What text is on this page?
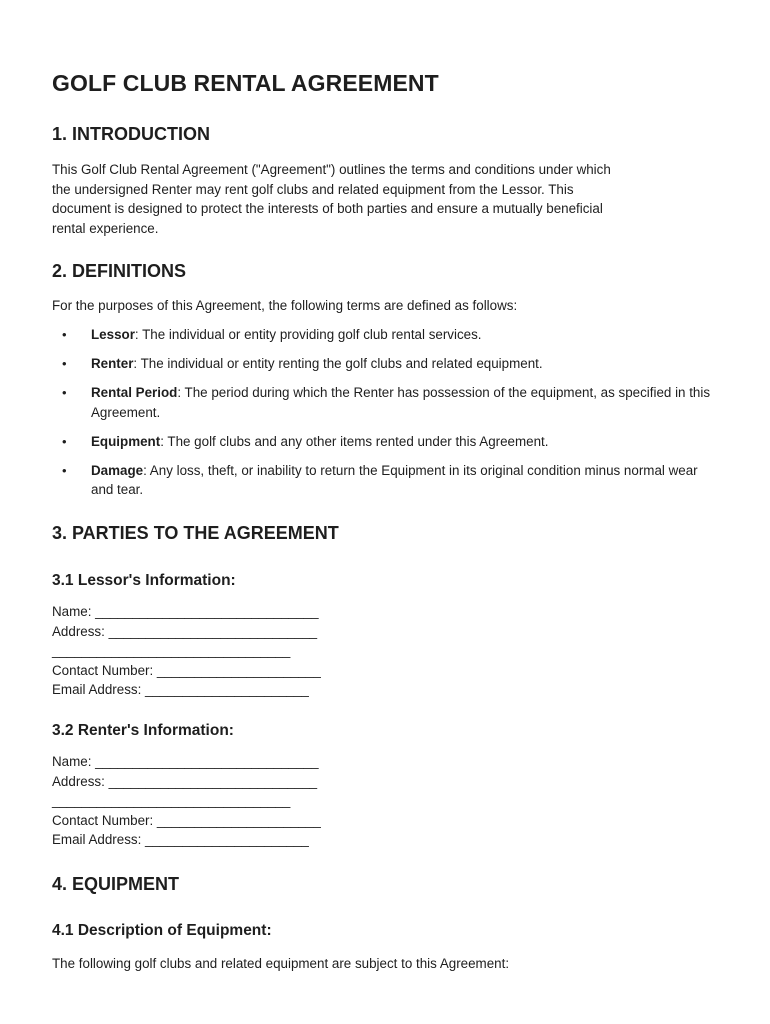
GOLF CLUB RENTAL AGREEMENT
1. INTRODUCTION
This Golf Club Rental Agreement ("Agreement") outlines the terms and conditions under which
the undersigned Renter may rent golf clubs and related equipment from the Lessor. This
document is designed to protect the interests of both parties and ensure a mutually beneficial
rental experience.
2. DEFINITIONS
For the purposes of this Agreement, the following terms are defined as follows:
• Lessor: The individual or entity providing golf club rental services.
• Renter: The individual or entity renting the golf clubs and related equipment.
• Rental Period: The period during which the Renter has possession of the equipment, as specified in this Agreement.
• Equipment: The golf clubs and any other items rented under this Agreement.
• Damage: Any loss, theft, or inability to return the Equipment in its original condition minus normal wear and tear.
3. PARTIES TO THE AGREEMENT
3.1 Lessor's Information:
Name: ______________________________
Address: ____________________________
________________________________
Contact Number: ______________________
Email Address: ______________________
3.2 Renter's Information:
Name: ______________________________
Address: ____________________________
________________________________
Contact Number: ______________________
Email Address: ______________________
4. EQUIPMENT
4.1 Description of Equipment:
The following golf clubs and related equipment are subject to this Agreement:
